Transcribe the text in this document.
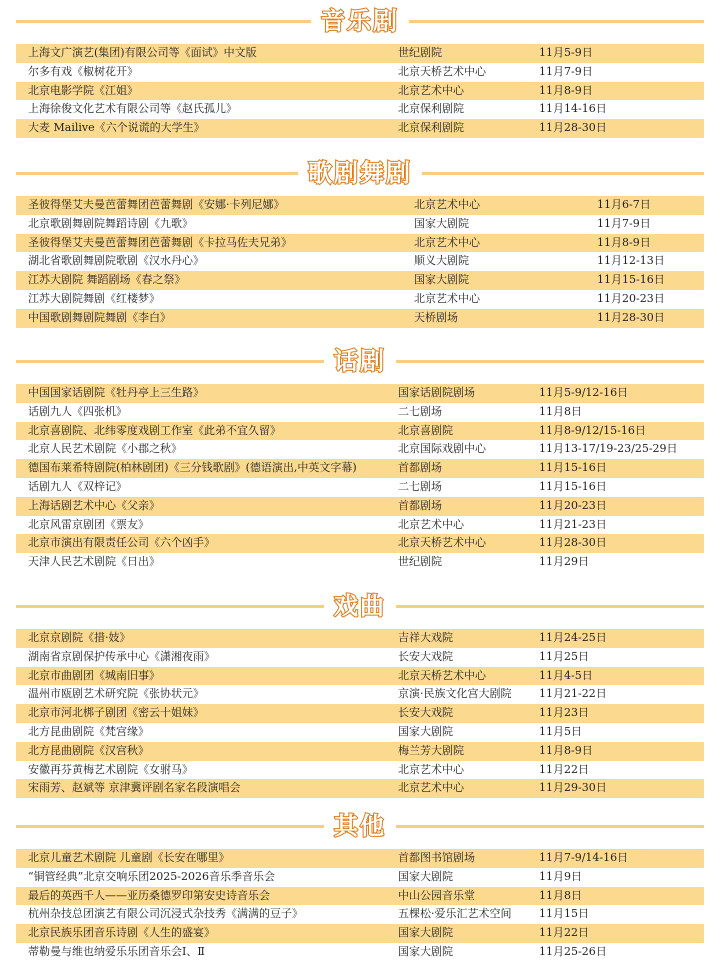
音乐剧
上海文广演艺(集团)有限公司等《面试》中文版	世纪剧院	11月5-9日
尔多有戏《椒树花开》	北京天桥艺术中心	11月7-9日
北京电影学院《江姐》	北京艺术中心	11月8-9日
上海徐俊文化艺术有限公司等《赵氏孤儿》	北京保利剧院	11月14-16日
大麦 Mailive《六个说谎的大学生》	北京保利剧院	11月28-30日
歌剧舞剧
圣彼得堡艾夫曼芭蕾舞团芭蕾舞剧《安娜·卡列尼娜》	北京艺术中心	11月6-7日
北京歌剧舞剧院舞蹈诗剧《九歌》	国家大剧院	11月7-9日
圣彼得堡艾夫曼芭蕾舞团芭蕾舞剧《卡拉马佐夫兄弟》	北京艺术中心	11月8-9日
湖北省歌剧舞剧院歌剧《汉水丹心》	顺义大剧院	11月12-13日
江苏大剧院 舞蹈剧场《春之祭》	国家大剧院	11月15-16日
江苏大剧院舞剧《红楼梦》	北京艺术中心	11月20-23日
中国歌剧舞剧院舞剧《李白》	天桥剧场	11月28-30日
话剧
中国国家话剧院《牡丹亭上三生路》	国家话剧院剧场	11月5-9/12-16日
话剧九人《四张机》	二七剧场	11月8日
北京喜剧院、北纬零度戏剧工作室《此弟不宜久留》	北京喜剧院	11月8-9/12/15-16日
北京人民艺术剧院《小郡之秋》	北京国际戏剧中心	11月13-17/19-23/25-29日
德国布莱希特剧院(柏林剧团)《三分钱歌剧》(德语演出,中英文字幕)	首都剧场	11月15-16日
话剧九人《双梓记》	二七剧场	11月15-16日
上海话剧艺术中心《父亲》	首都剧场	11月20-23日
北京风雷京剧团《票友》	北京艺术中心	11月21-23日
北京市演出有限责任公司《六个凶手》	北京天桥艺术中心	11月28-30日
天津人民艺术剧院《日出》	世纪剧院	11月29日
戏曲
北京京剧院《措·妓》	吉祥大戏院	11月24-25日
湖南省京剧保护传承中心《潇湘夜雨》	长安大戏院	11月25日
北京市曲剧团《城南旧事》	北京天桥艺术中心	11月4-5日
温州市瓯剧艺术研究院《张协状元》	京演·民族文化宫大剧院	11月21-22日
北京市河北梆子剧团《密云十姐妹》	长安大戏院	11月23日
北方昆曲剧院《梵宫缘》	国家大剧院	11月5日
北方昆曲剧院《汉宫秋》	梅兰芳大剧院	11月8-9日
安徽再芬黄梅艺术剧院《女驸马》	北京艺术中心	11月22日
宋雨芳、赵斌等 京津冀评剧名家名段演唱会	北京艺术中心	11月29-30日
其他
北京儿童艺术剧院 儿童剧《长安在哪里》	首都图书馆剧场	11月7-9/14-16日
“铜管经典”北京交响乐团2025-2026音乐季音乐会	国家大剧院	11月9日
最后的英西千人——亚历桑德罗印第安史诗音乐会	中山公园音乐堂	11月8日
杭州杂技总团演艺有限公司沉浸式杂技秀《满满的豆子》	五棵松·爱乐汇艺术空间	11月15日
北京民族乐团音乐诗剧《人生的盛宴》	国家大剧院	11月22日
蒂勒曼与维也纳爱乐乐团音乐会Ⅰ、Ⅱ	国家大剧院	11月25-26日
